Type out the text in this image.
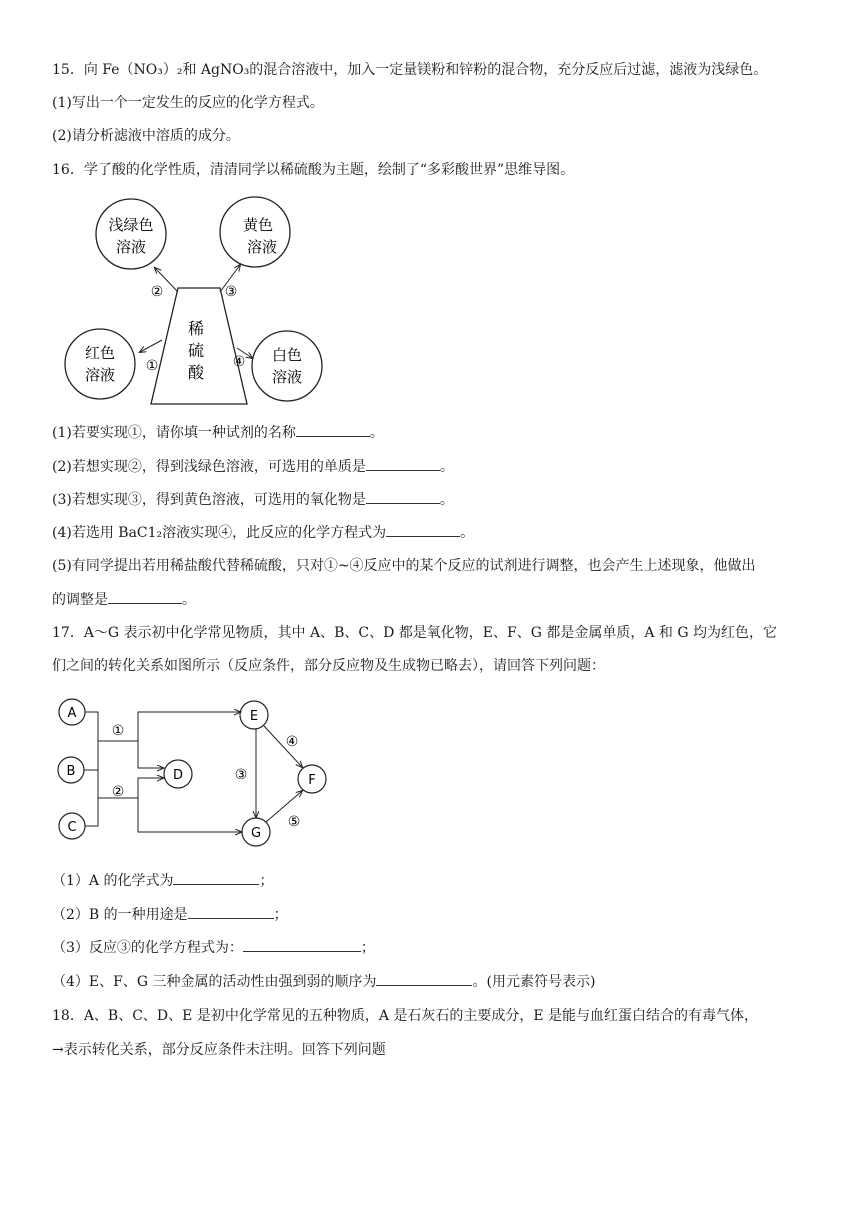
15．向 Fe（NO₃）₂和 AgNO₃的混合溶液中，加入一定量镁粉和锌粉的混合物，充分反应后过滤，滤液为浅绿色。
(1)写出一个一定发生的反应的化学方程式。
(2)请分析滤液中溶质的成分。
16．学了酸的化学性质，清清同学以稀硫酸为主题，绘制了“多彩酸世界”思维导图。
浅绿色
溶液
黄色
溶液
红色
溶液
白色
溶液
稀
硫
酸
②	③
①	④
(1)若要实现①，请你填一种试剂的名称	。
(2)若想实现②，得到浅绿色溶液，可选用的单质是	。
(3)若想实现③，得到黄色溶液，可选用的氧化物是	。
(4)若选用 BaC1₂溶液实现④，此反应的化学方程式为	。
(5)有同学提出若用稀盐酸代替稀硫酸，只对①~④反应中的某个反应的试剂进行调整，也会产生上述现象，他做出
的调整是	。
17．A～G 表示初中化学常见物质，其中 A、B、C、D 都是氧化物，E、F、G 都是金属单质，A 和 G 均为红色，它
们之间的转化关系如图所示（反应条件，部分反应物及生成物已略去），请回答下列问题：
A
B
C
D
E
F
G
①
②
③
④
⑤
（1）A 的化学式为	；
（2）B 的一种用途是	；
（3）反应③的化学方程式为：	；
（4）E、F、G 三种金属的活动性由强到弱的顺序为	。(用元素符号表示)
18．A、B、C、D、E 是初中化学常见的五种物质，A 是石灰石的主要成分，E 是能与血红蛋白结合的有毒气体，
→表示转化关系，部分反应条件未注明。回答下列问题
